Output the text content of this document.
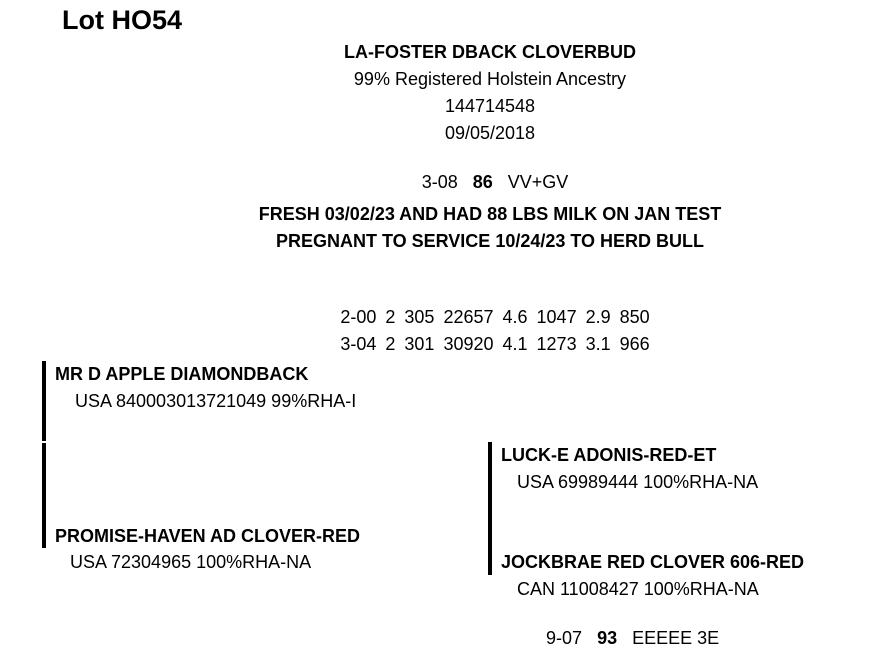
Lot HO54
LA-FOSTER DBACK CLOVERBUD
99% Registered Holstein Ancestry
144714548
09/05/2018

3-08 86 VV+GV

FRESH 03/02/23 AND HAD 88 LBS MILK ON JAN TEST
PREGNANT TO SERVICE 10/24/23 TO HERD BULL

2-00 2 305 22657 4.6 1047 2.9 850

3-04 2 301 30920 4.1 1273 3.1 966

MR D APPLE DIAMONDBACK
USA 840003013721049 99%RHA-I
LUCK-E ADONIS-RED-ET
USA 69989444 100%RHA-NA
PROMISE-HAVEN AD CLOVER-RED
USA 72304965 100%RHA-NA	JOCKBRAE RED CLOVER 606-RED
CAN 11008427 100%RHA-NA

9-07 93 EEEEE 3E
